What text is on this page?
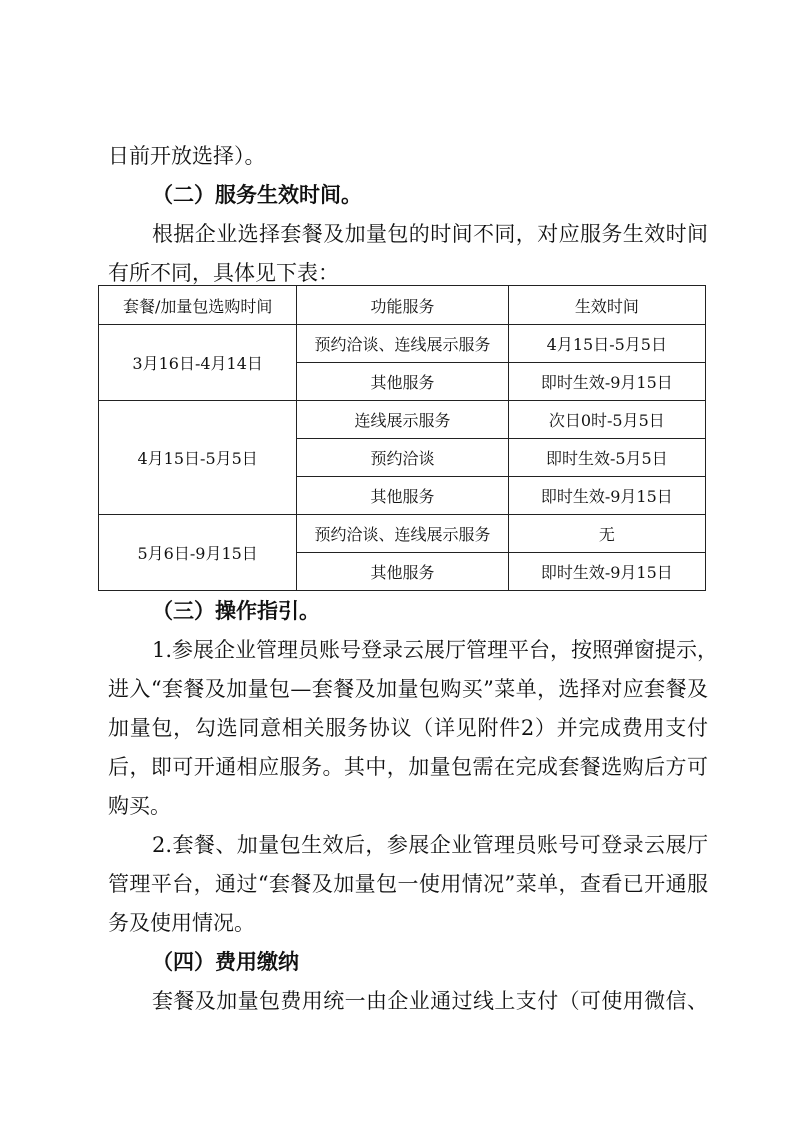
日前开放选择）。
（二）服务生效时间。
根据企业选择套餐及加量包的时间不同，对应服务生效时间
有所不同，具体见下表：
套餐/加量包选购时间	功能服务	生效时间
3月16日-4月14日	预约洽谈、连线展示服务	4月15日-5月5日
	其他服务	即时生效-9月15日
4月15日-5月5日	连线展示服务	次日0时-5月5日
	预约洽谈	即时生效-5月5日
	其他服务	即时生效-9月15日
5月6日-9月15日	预约洽谈、连线展示服务	无
	其他服务	即时生效-9月15日
（三）操作指引。
1.参展企业管理员账号登录云展厅管理平台，按照弹窗提示，
进入“套餐及加量包—套餐及加量包购买”菜单，选择对应套餐及
加量包，勾选同意相关服务协议（详见附件2）并完成费用支付
后，即可开通相应服务。其中，加量包需在完成套餐选购后方可
购买。
2.套餐、加量包生效后，参展企业管理员账号可登录云展厅
管理平台，通过“套餐及加量包一使用情况”菜单，查看已开通服
务及使用情况。
（四）费用缴纳
套餐及加量包费用统一由企业通过线上支付（可使用微信、
